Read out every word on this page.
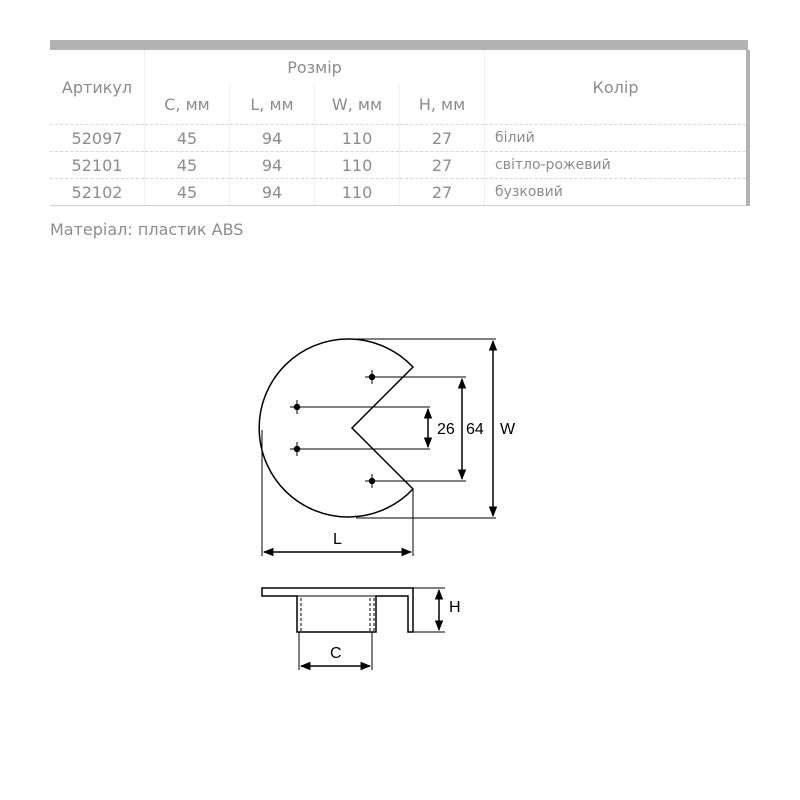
Артикул	Розмір				Колір
	C, мм	L, мм	W, мм	H, мм	
52097	45	94	110	27	білий
52101	45	94	110	27	світло-рожевий
52102	45	94	110	27	бузковий
Матеріал: пластик ABS
26 64 W
L
H
C
